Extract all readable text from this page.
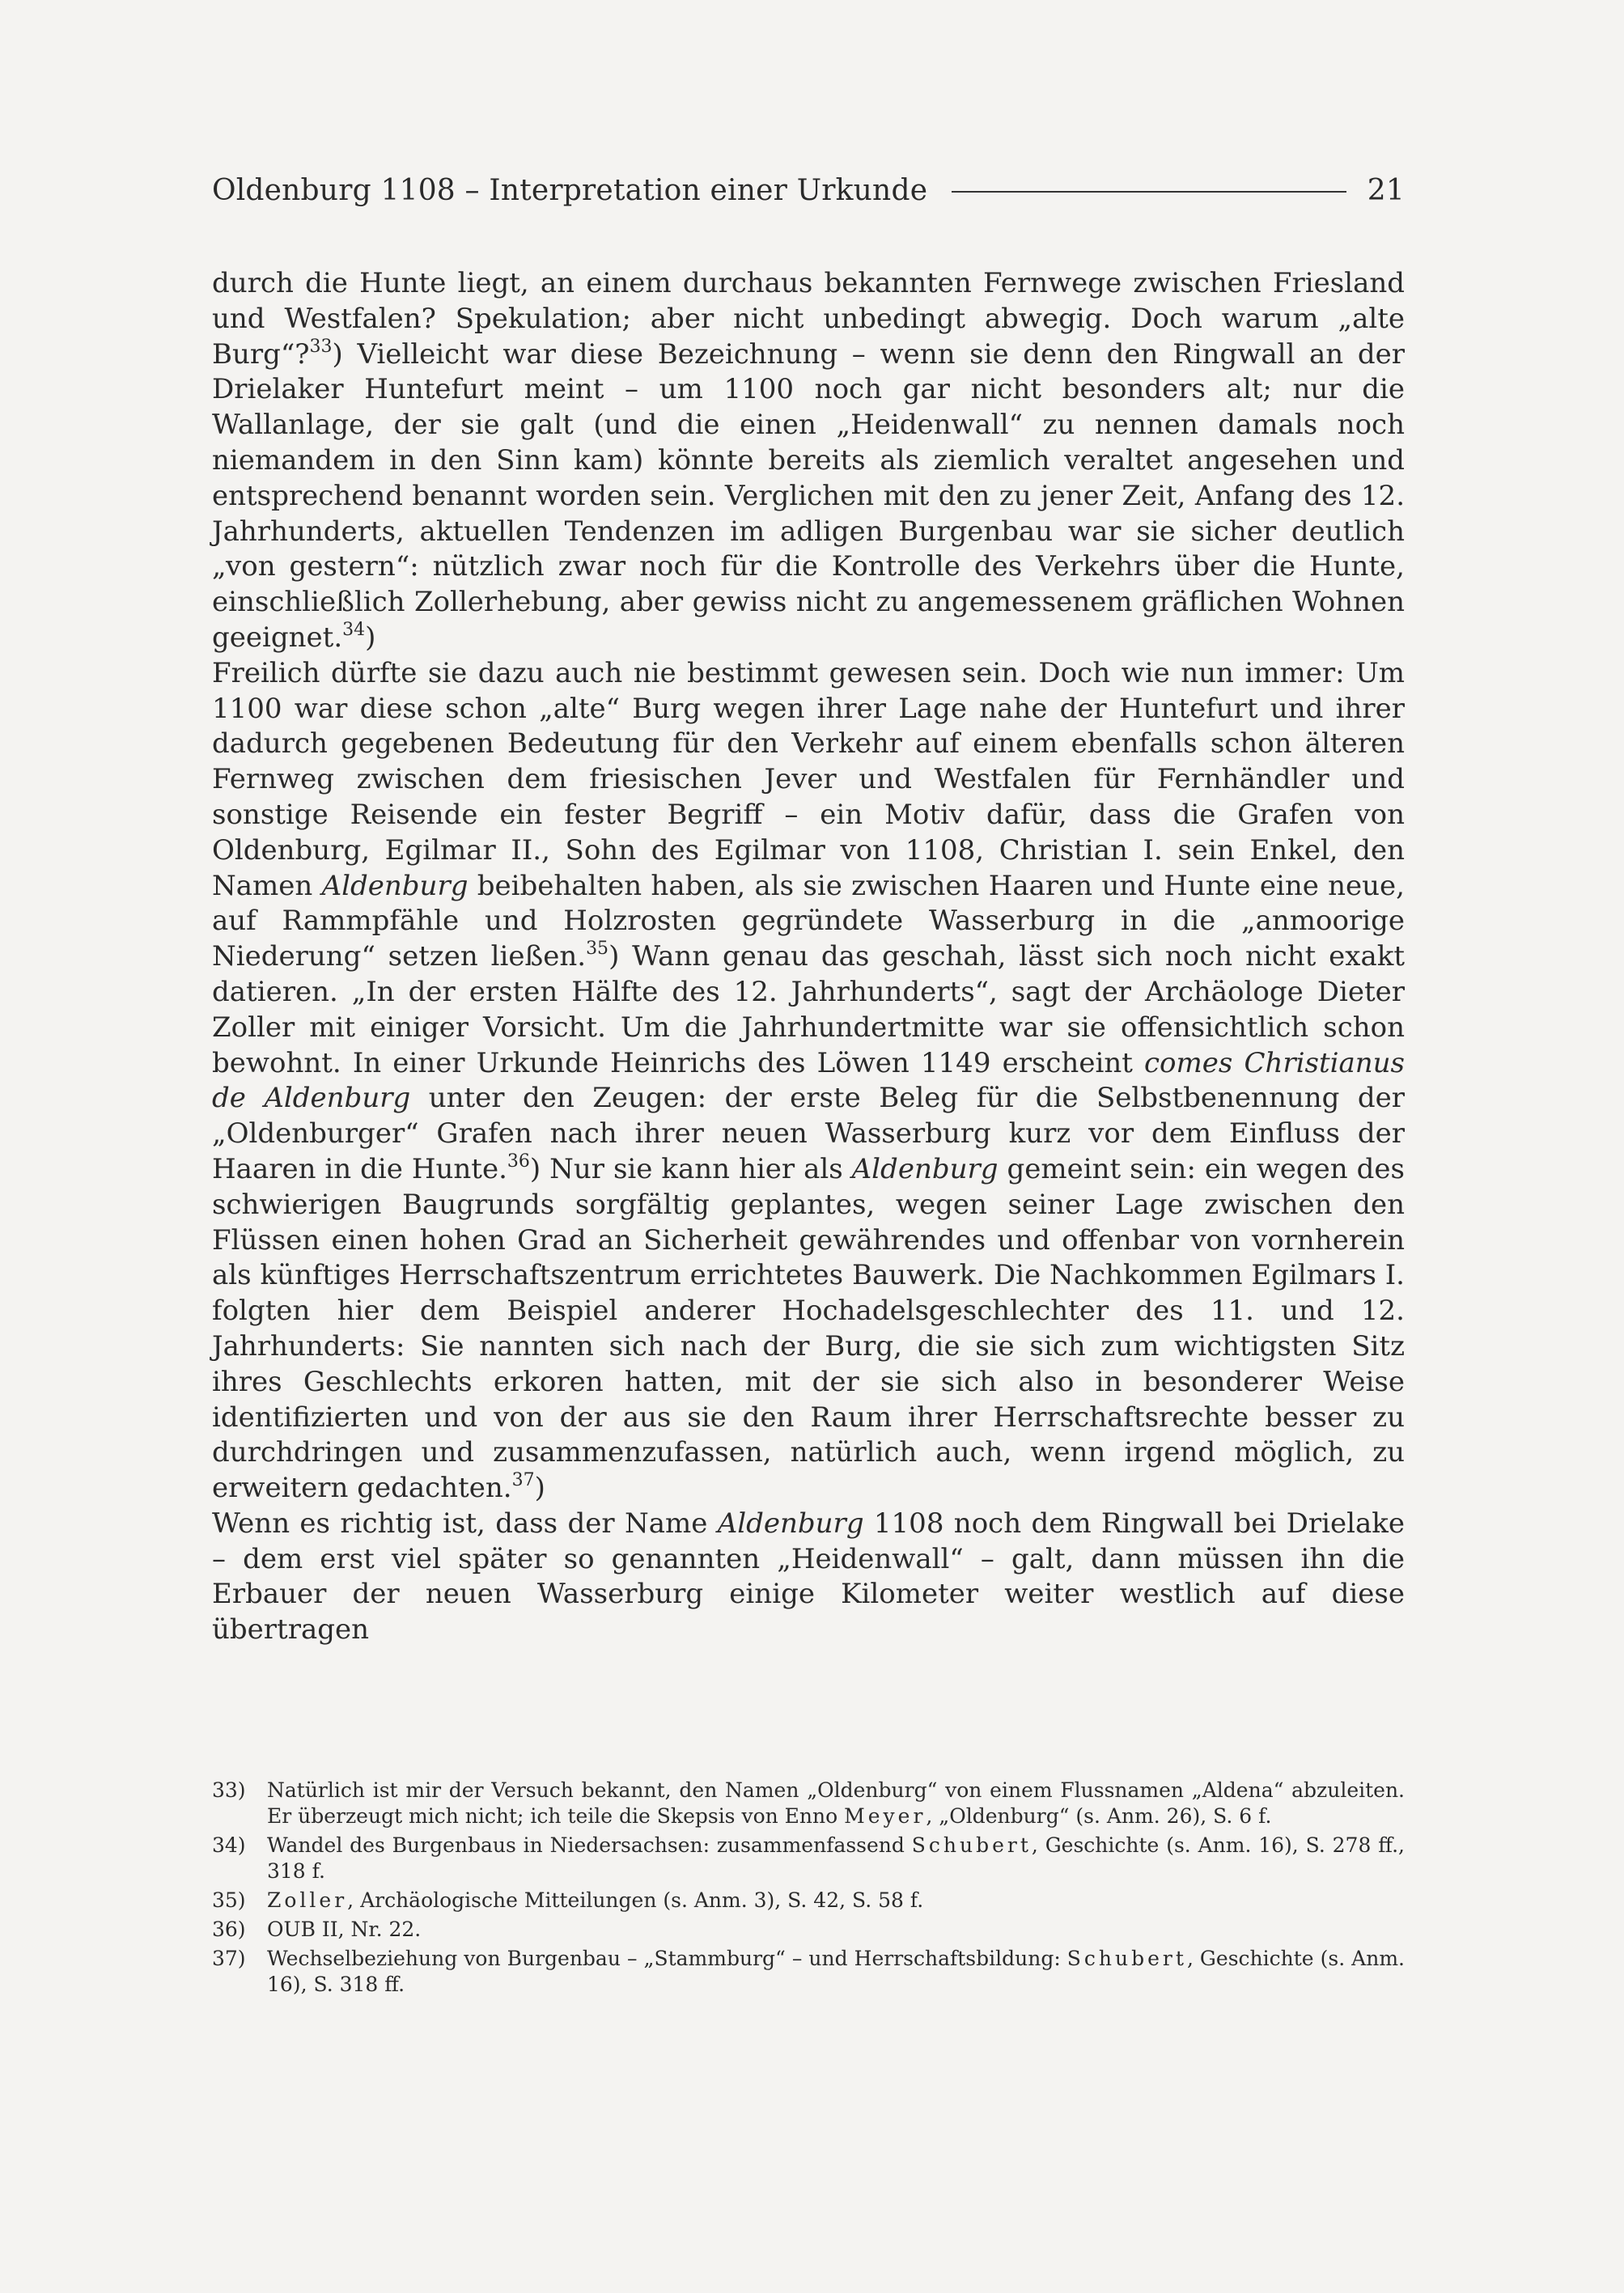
Oldenburg 1108 – Interpretation einer Urkunde	21

durch die Hunte liegt, an einem durchaus bekannten Fernwege zwischen Friesland und Westfalen? Spekulation; aber nicht unbedingt abwegig. Doch warum „alte Burg“?$^{33}$) Vielleicht war diese Bezeichnung – wenn sie denn den Ringwall an der Drielaker Huntefurt meint – um 1100 noch gar nicht besonders alt; nur die Wallanlage, der sie galt (und die einen „Heidenwall“ zu nennen damals noch niemandem in den Sinn kam) könnte bereits als ziemlich veraltet angesehen und entsprechend benannt worden sein. Verglichen mit den zu jener Zeit, Anfang des 12. Jahrhunderts, aktuellen Tendenzen im adligen Burgenbau war sie sicher deutlich „von gestern“: nützlich zwar noch für die Kontrolle des Verkehrs über die Hunte, einschließlich Zollerhebung, aber gewiss nicht zu angemessenem gräflichen Wohnen geeignet.$^{34}$)

Freilich dürfte sie dazu auch nie bestimmt gewesen sein. Doch wie nun immer: Um 1100 war diese schon „alte“ Burg wegen ihrer Lage nahe der Huntefurt und ihrer dadurch gegebenen Bedeutung für den Verkehr auf einem ebenfalls schon älteren Fernweg zwischen dem friesischen Jever und Westfalen für Fernhändler und sonstige Reisende ein fester Begriff – ein Motiv dafür, dass die Grafen von Oldenburg, Egilmar II., Sohn des Egilmar von 1108, Christian I. sein Enkel, den Namen Aldenburg beibehalten haben, als sie zwischen Haaren und Hunte eine neue, auf Rammpfähle und Holzrosten gegründete Wasserburg in die „anmoorige Niederung“ setzen ließen.$^{35}$) Wann genau das geschah, lässt sich noch nicht exakt datieren. „In der ersten Hälfte des 12. Jahrhunderts“, sagt der Archäologe Dieter Zoller mit einiger Vorsicht. Um die Jahrhundertmitte war sie offensichtlich schon bewohnt. In einer Urkunde Heinrichs des Löwen 1149 erscheint comes Christianus de Aldenburg unter den Zeugen: der erste Beleg für die Selbstbenennung der „Oldenburger“ Grafen nach ihrer neuen Wasserburg kurz vor dem Einfluss der Haaren in die Hunte.$^{36}$) Nur sie kann hier als Aldenburg gemeint sein: ein wegen des schwierigen Baugrunds sorgfältig geplantes, wegen seiner Lage zwischen den Flüssen einen hohen Grad an Sicherheit gewährendes und offenbar von vornherein als künftiges Herrschaftszentrum errichtetes Bauwerk. Die Nachkommen Egilmars I. folgten hier dem Beispiel anderer Hochadelsgeschlechter des 11. und 12. Jahrhunderts: Sie nannten sich nach der Burg, die sie sich zum wichtigsten Sitz ihres Geschlechts erkoren hatten, mit der sie sich also in besonderer Weise identifizierten und von der aus sie den Raum ihrer Herrschaftsrechte besser zu durchdringen und zusammenzufassen, natürlich auch, wenn irgend möglich, zu erweitern gedachten.$^{37}$)

Wenn es richtig ist, dass der Name Aldenburg 1108 noch dem Ringwall bei Drielake – dem erst viel später so genannten „Heidenwall“ – galt, dann müssen ihn die Erbauer der neuen Wasserburg einige Kilometer weiter westlich auf diese übertragen

33)	Natürlich ist mir der Versuch bekannt, den Namen „Oldenburg“ von einem Flussnamen „Aldena“ abzuleiten. Er überzeugt mich nicht; ich teile die Skepsis von Enno Meyer, „Oldenburg“ (s. Anm. 26), S. 6 f.
34)	Wandel des Burgenbaus in Niedersachsen: zusammenfassend Schubert, Geschichte (s. Anm. 16), S. 278 ff., 318 f.
35)	Zoller, Archäologische Mitteilungen (s. Anm. 3), S. 42, S. 58 f.
36)	OUB II, Nr. 22.
37)	Wechselbeziehung von Burgenbau – „Stammburg“ – und Herrschaftsbildung: Schubert, Geschichte (s. Anm. 16), S. 318 ff.
